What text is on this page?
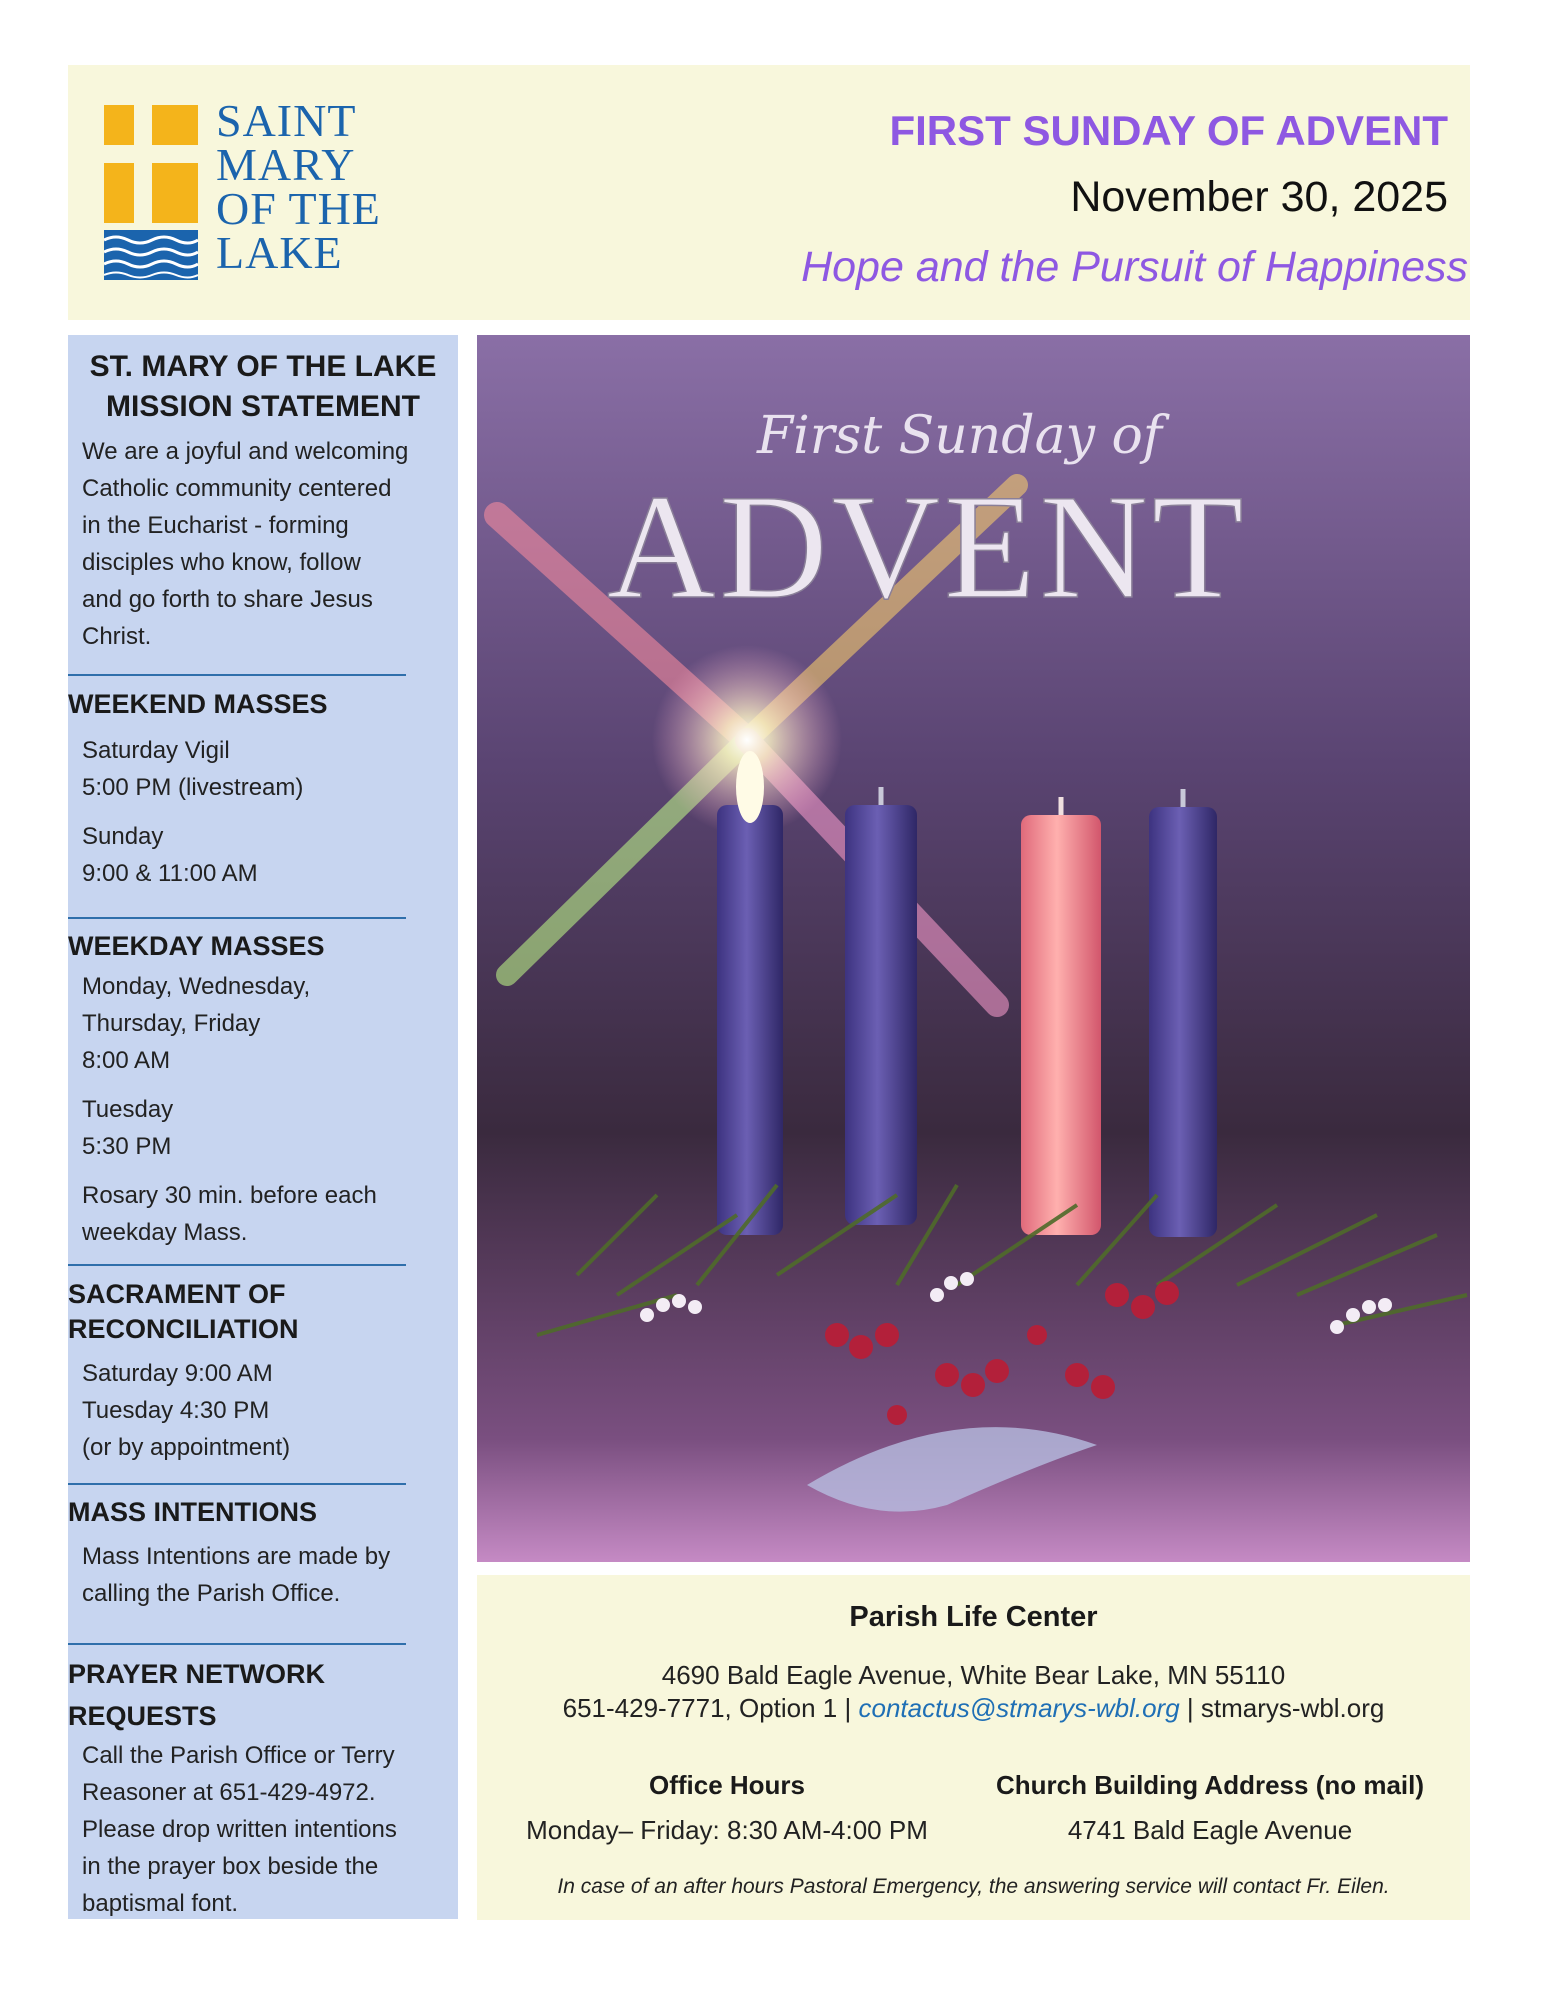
SAINT
MARY
OF THE
LAKE
FIRST SUNDAY OF ADVENT
November 30, 2025
Hope and the Pursuit of Happiness
ST. MARY OF THE LAKE
MISSION STATEMENT
We are a joyful and welcoming
Catholic community centered
in the Eucharist - forming
disciples who know, follow
and go forth to share Jesus
Christ.
WEEKEND MASSES
Saturday Vigil
5:00 PM (livestream)
Sunday
9:00 & 11:00 AM
WEEKDAY MASSES
Monday, Wednesday,
Thursday, Friday
8:00 AM
Tuesday
5:30 PM
Rosary 30 min. before each
weekday Mass.
SACRAMENT OF
RECONCILIATION
Saturday 9:00 AM
Tuesday 4:30 PM
(or by appointment)
MASS INTENTIONS
Mass Intentions are made by
calling the Parish Office.
PRAYER NETWORK
REQUESTS
Call the Parish Office or Terry
Reasoner at 651-429-4972.
Please drop written intentions
in the prayer box beside the
baptismal font.
First Sunday of
ADVENT
Parish Life Center
4690 Bald Eagle Avenue, White Bear Lake, MN 55110
651-429-7771, Option 1 | contactus@stmarys-wbl.org | stmarys-wbl.org
Office Hours
Monday– Friday: 8:30 AM-4:00 PM
Church Building Address (no mail)
4741 Bald Eagle Avenue
In case of an after hours Pastoral Emergency, the answering service will contact Fr. Eilen.
